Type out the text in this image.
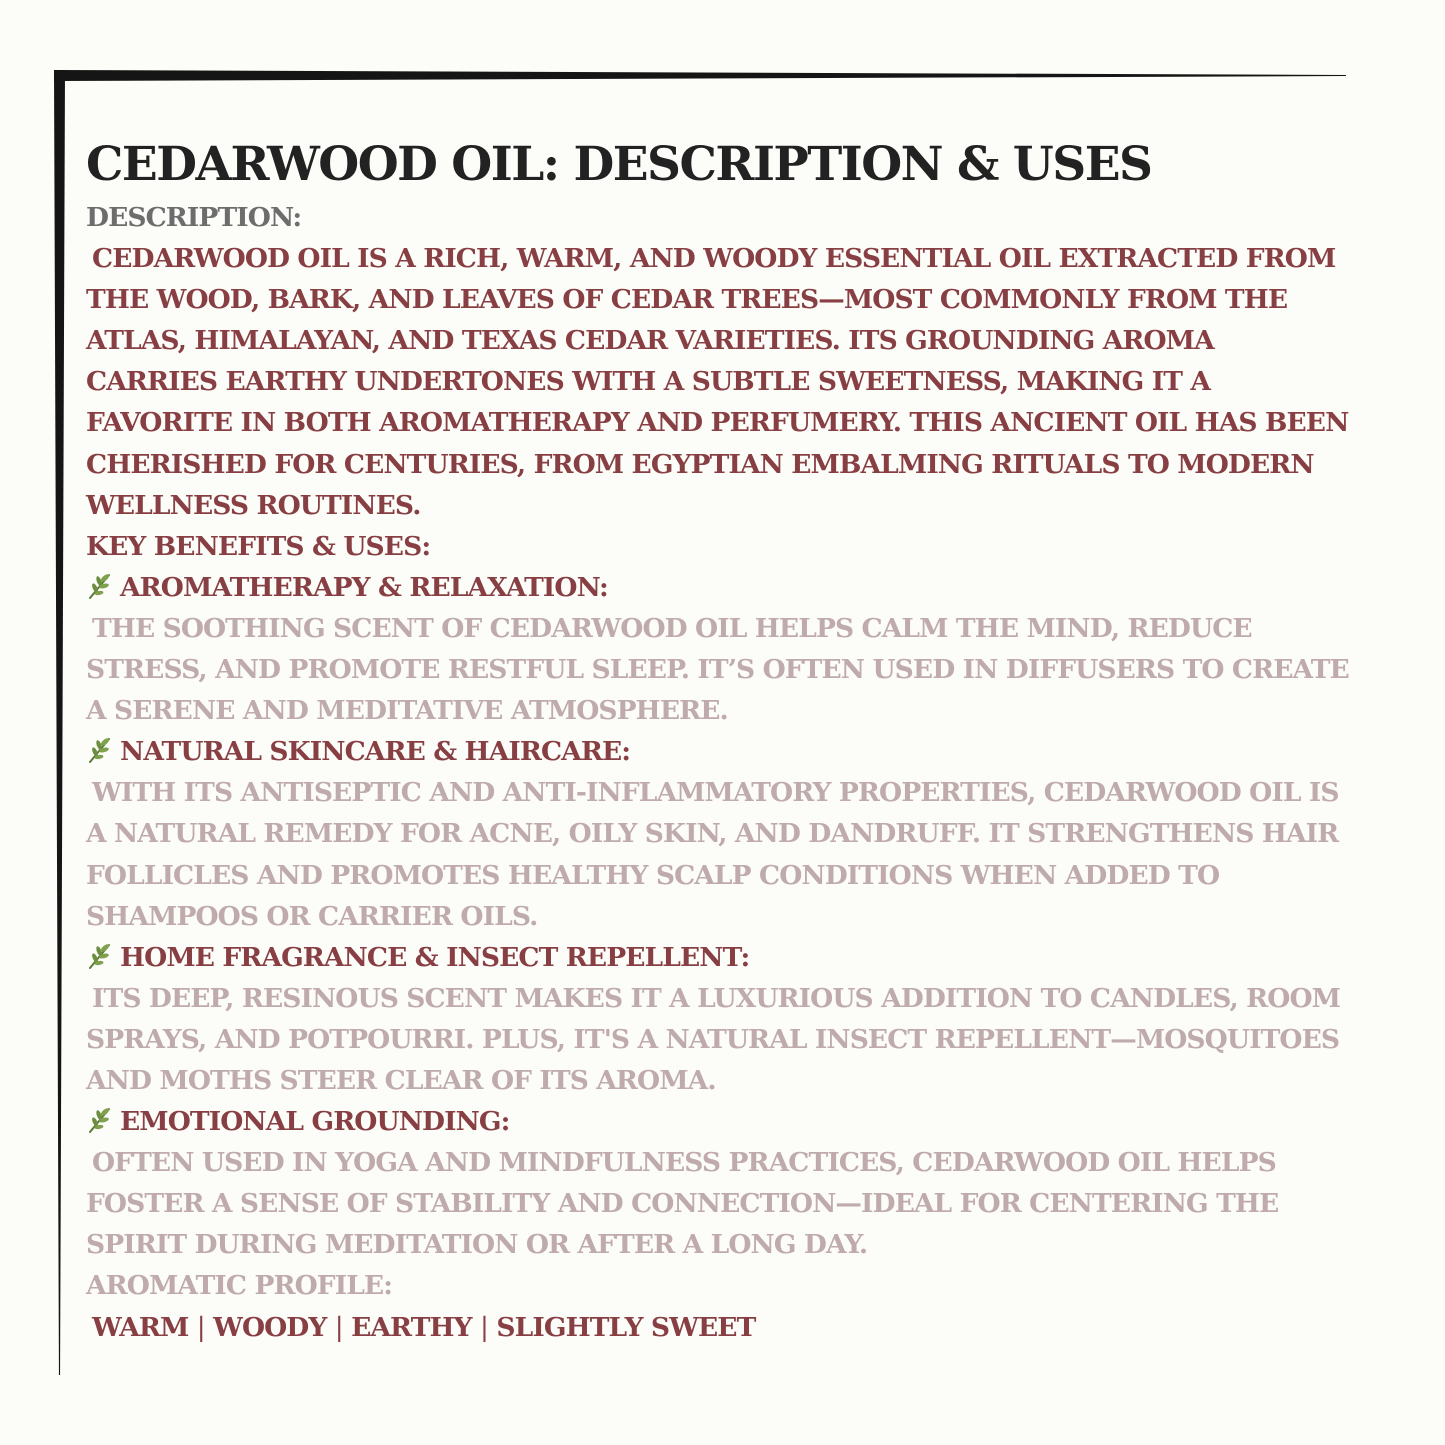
CEDARWOOD OIL: DESCRIPTION & USES
DESCRIPTION:
CEDARWOOD OIL IS A RICH, WARM, AND WOODY ESSENTIAL OIL EXTRACTED FROM THE WOOD, BARK, AND LEAVES OF CEDAR TREES—MOST COMMONLY FROM THE ATLAS, HIMALAYAN, AND TEXAS CEDAR VARIETIES. ITS GROUNDING AROMA CARRIES EARTHY UNDERTONES WITH A SUBTLE SWEETNESS, MAKING IT A FAVORITE IN BOTH AROMATHERAPY AND PERFUMERY. THIS ANCIENT OIL HAS BEEN CHERISHED FOR CENTURIES, FROM EGYPTIAN EMBALMING RITUALS TO MODERN WELLNESS ROUTINES.
KEY BENEFITS & USES:
AROMATHERAPY & RELAXATION:
THE SOOTHING SCENT OF CEDARWOOD OIL HELPS CALM THE MIND, REDUCE STRESS, AND PROMOTE RESTFUL SLEEP. IT’S OFTEN USED IN DIFFUSERS TO CREATE A SERENE AND MEDITATIVE ATMOSPHERE.
NATURAL SKINCARE & HAIRCARE:
WITH ITS ANTISEPTIC AND ANTI-INFLAMMATORY PROPERTIES, CEDARWOOD OIL IS A NATURAL REMEDY FOR ACNE, OILY SKIN, AND DANDRUFF. IT STRENGTHENS HAIR FOLLICLES AND PROMOTES HEALTHY SCALP CONDITIONS WHEN ADDED TO SHAMPOOS OR CARRIER OILS.
HOME FRAGRANCE & INSECT REPELLENT:
ITS DEEP, RESINOUS SCENT MAKES IT A LUXURIOUS ADDITION TO CANDLES, ROOM SPRAYS, AND POTPOURRI. PLUS, IT'S A NATURAL INSECT REPELLENT—MOSQUITOES AND MOTHS STEER CLEAR OF ITS AROMA.
EMOTIONAL GROUNDING:
OFTEN USED IN YOGA AND MINDFULNESS PRACTICES, CEDARWOOD OIL HELPS FOSTER A SENSE OF STABILITY AND CONNECTION—IDEAL FOR CENTERING THE SPIRIT DURING MEDITATION OR AFTER A LONG DAY.
AROMATIC PROFILE:
WARM | WOODY | EARTHY | SLIGHTLY SWEET
